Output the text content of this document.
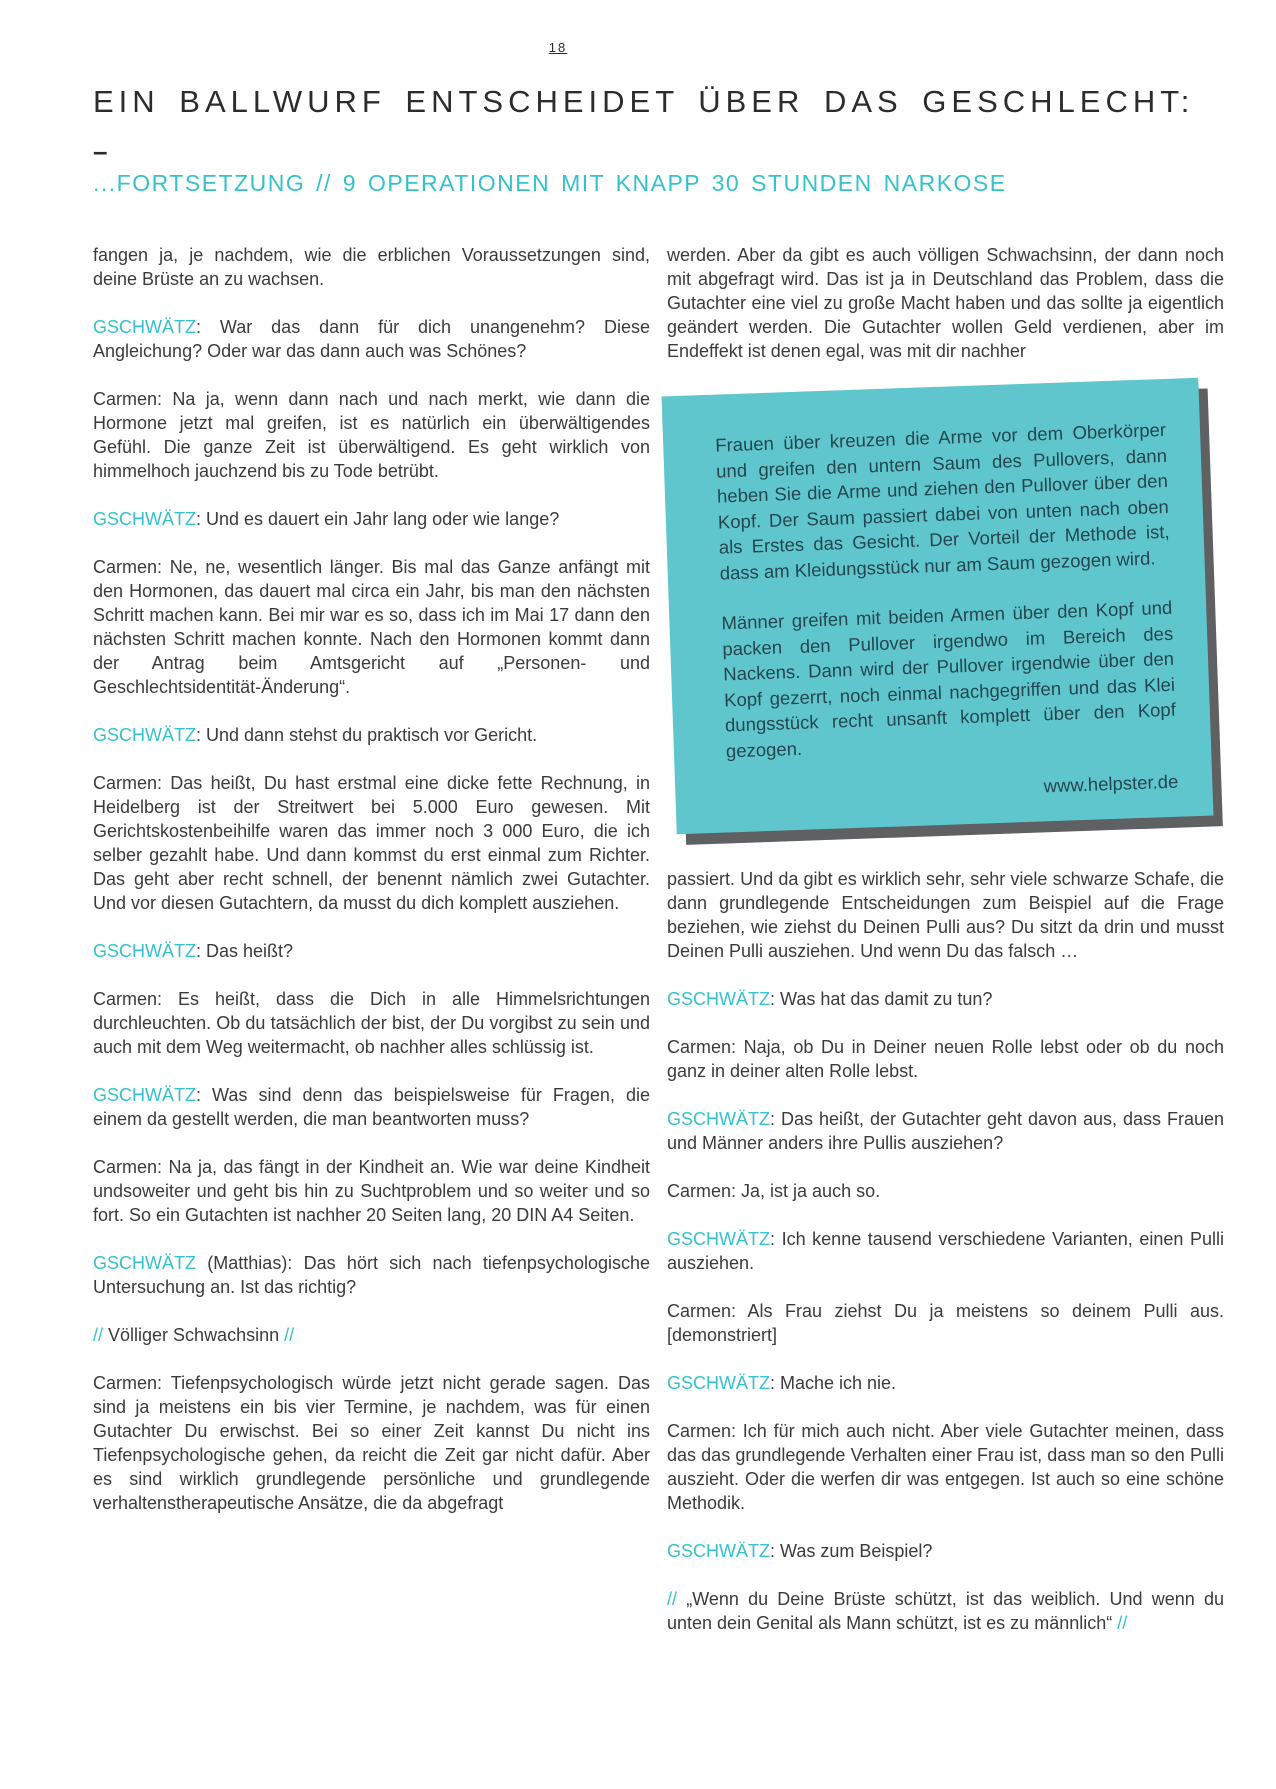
18
EIN BALLWURF ENTSCHEIDET ÜBER DAS GESCHLECHT:
–
...FORTSETZUNG // 9 OPERATIONEN MIT KNAPP 30 STUNDEN NARKOSE

fangen ja, je nachdem, wie die erblichen Voraussetzungen sind, deine Brüste an zu wachsen.

GSCHWÄTZ: War das dann für dich unangenehm? Diese Angleichung? Oder war das dann auch was Schönes?

Carmen: Na ja, wenn dann nach und nach merkt, wie dann die Hormone jetzt mal greifen, ist es natürlich ein überwältigendes Gefühl. Die ganze Zeit ist überwältigend. Es geht wirklich von himmelhoch jauchzend bis zu Tode betrübt.

GSCHWÄTZ: Und es dauert ein Jahr lang oder wie lange?

Carmen: Ne, ne, wesentlich länger. Bis mal das Ganze anfängt mit den Hormonen, das dauert mal circa ein Jahr, bis man den nächsten Schritt machen kann. Bei mir war es so, dass ich im Mai 17 dann den nächsten Schritt machen konnte. Nach den Hormonen kommt dann der Antrag beim Amtsgericht auf „Personen- und Geschlechtsidentität-Änderung“.

GSCHWÄTZ: Und dann stehst du praktisch vor Gericht.

Carmen: Das heißt, Du hast erstmal eine dicke fette Rechnung, in Heidelberg ist der Streitwert bei 5.000 Euro gewesen. Mit Gerichtskostenbeihilfe waren das immer noch 3 000 Euro, die ich selber gezahlt habe. Und dann kommst du erst einmal zum Richter. Das geht aber recht schnell, der benennt nämlich zwei Gutachter. Und vor diesen Gutachtern, da musst du dich komplett ausziehen.

GSCHWÄTZ: Das heißt?

Carmen: Es heißt, dass die Dich in alle Himmelsrichtungen durchleuchten. Ob du tatsächlich der bist, der Du vorgibst zu sein und auch mit dem Weg weitermacht, ob nachher alles schlüssig ist.

GSCHWÄTZ: Was sind denn das beispielsweise für Fragen, die einem da gestellt werden, die man beantworten muss?

Carmen: Na ja, das fängt in der Kindheit an. Wie war deine Kindheit undsoweiter und geht bis hin zu Suchtproblem und so weiter und so fort. So ein Gutachten ist nachher 20 Seiten lang, 20 DIN A4 Seiten.

GSCHWÄTZ (Matthias): Das hört sich nach tiefenpsychologische Untersuchung an. Ist das richtig?

// Völliger Schwachsinn //

Carmen: Tiefenpsychologisch würde jetzt nicht gerade sagen. Das sind ja meistens ein bis vier Termine, je nachdem, was für einen Gutachter Du erwischst. Bei so einer Zeit kannst Du nicht ins Tiefenpsychologische gehen, da reicht die Zeit gar nicht dafür. Aber es sind wirklich grundlegende persönliche und grundlegende verhaltenstherapeutische Ansätze, die da abgefragt

werden. Aber da gibt es auch völligen Schwachsinn, der dann noch mit abgefragt wird. Das ist ja in Deutschland das Problem, dass die Gutachter eine viel zu große Macht haben und das sollte ja eigentlich geändert werden. Die Gutachter wollen Geld verdienen, aber im Endeffekt ist denen egal, was mit dir nachher

Frauen über kreuzen die Arme vor dem Oberkörper und greifen den untern Saum des Pullovers, dann heben Sie die Arme und ziehen den Pullover über den Kopf. Der Saum passiert dabei von unten nach oben als Erstes das Gesicht. Der Vorteil der Methode ist, dass am Kleidungsstück nur am Saum gezogen wird.

Männer greifen mit beiden Armen über den Kopf und packen den Pullover irgendwo im Bereich des Nackens. Dann wird der Pullover irgendwie über den Kopf gezerrt, noch einmal nachgegriffen und das Klei dungsstück recht unsanft komplett über den Kopf gezogen.

www.helpster.de

passiert. Und da gibt es wirklich sehr, sehr viele schwarze Schafe, die dann grundlegende Entscheidungen zum Beispiel auf die Frage beziehen, wie ziehst du Deinen Pulli aus? Du sitzt da drin und musst Deinen Pulli ausziehen. Und wenn Du das falsch …

GSCHWÄTZ: Was hat das damit zu tun?

Carmen: Naja, ob Du in Deiner neuen Rolle lebst oder ob du noch ganz in deiner alten Rolle lebst.

GSCHWÄTZ: Das heißt, der Gutachter geht davon aus, dass Frauen und Männer anders ihre Pullis ausziehen?

Carmen: Ja, ist ja auch so.

GSCHWÄTZ: Ich kenne tausend verschiedene Varianten, einen Pulli ausziehen.

Carmen: Als Frau ziehst Du ja meistens so deinem Pulli aus. [demonstriert]

GSCHWÄTZ: Mache ich nie.

Carmen: Ich für mich auch nicht. Aber viele Gutachter meinen, dass das das grundlegende Verhalten einer Frau ist, dass man so den Pulli auszieht. Oder die werfen dir was entgegen. Ist auch so eine schöne Methodik.

GSCHWÄTZ: Was zum Beispiel?

// „Wenn du Deine Brüste schützt, ist das weiblich. Und wenn du unten dein Genital als Mann schützt, ist es zu männlich“ //
